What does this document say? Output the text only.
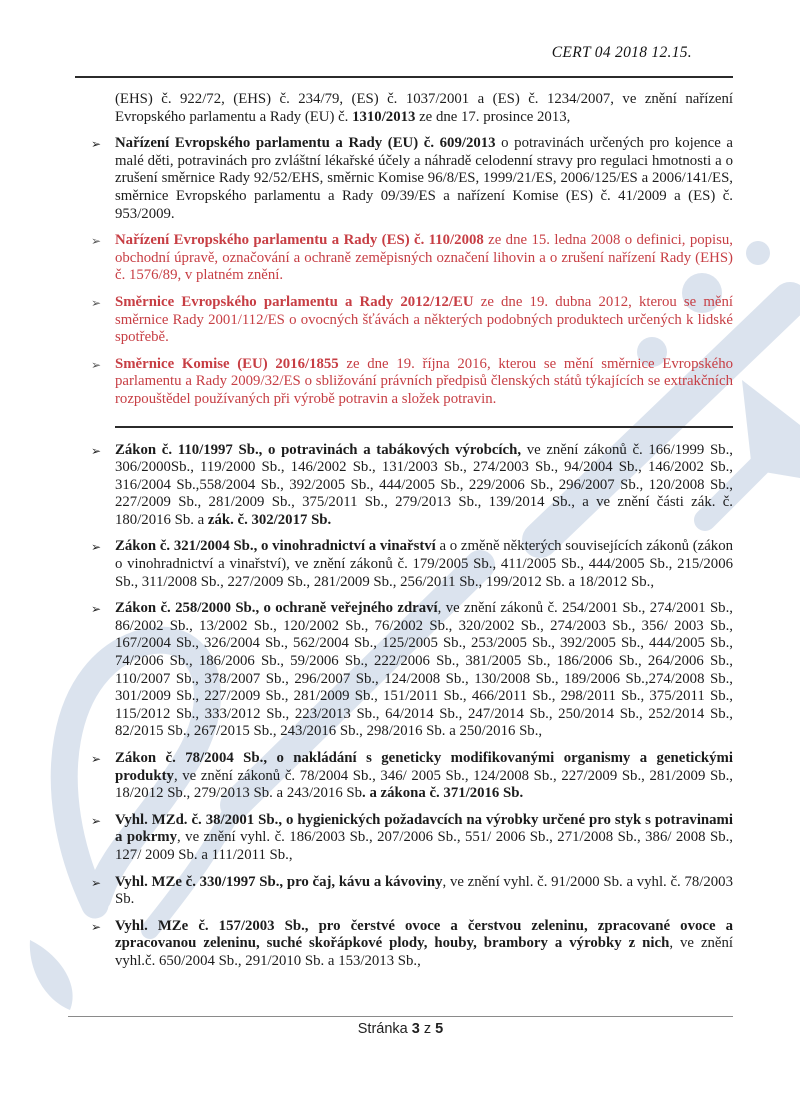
CERT 04 2018 12.15.

(EHS) č. 922/72, (EHS) č. 234/79, (ES) č. 1037/2001 a (ES) č. 1234/2007, ve znění nařízení Evropského parlamentu a Rady (EU) č. 1310/2013 ze dne 17. prosince 2013,

➢ Nařízení Evropského parlamentu a Rady (EU) č. 609/2013 o potravinách určených pro kojence a malé děti, potravinách pro zvláštní lékařské účely a náhradě celodenní stravy pro regulaci hmotnosti a o zrušení směrnice Rady 92/52/EHS, směrnic Komise 96/8/ES, 1999/21/ES, 2006/125/ES a 2006/141/ES, směrnice Evropského parlamentu a Rady 09/39/ES a nařízení Komise (ES) č. 41/2009 a (ES) č. 953/2009.
➢ Nařízení Evropského parlamentu a Rady (ES) č. 110/2008 ze dne 15. ledna 2008 o definici, popisu, obchodní úpravě, označování a ochraně zeměpisných označení lihovin a o zrušení nařízení Rady (EHS) č. 1576/89, v platném znění.
➢ Směrnice Evropského parlamentu a Rady 2012/12/EU ze dne 19. dubna 2012, kterou se mění směrnice Rady 2001/112/ES o ovocných šťávách a některých podobných produktech určených k lidské spotřebě.
➢ Směrnice Komise (EU) 2016/1855 ze dne 19. října 2016, kterou se mění směrnice Evropského parlamentu a Rady 2009/32/ES o sbližování právních předpisů členských států týkajících se extrakčních rozpouštědel používaných při výrobě potravin a složek potravin.
➢ Zákon č. 110/1997 Sb., o potravinách a tabákových výrobcích, ve znění zákonů č. 166/1999 Sb., 306/2000Sb., 119/2000 Sb., 146/2002 Sb., 131/2003 Sb., 274/2003 Sb., 94/2004 Sb., 146/2002 Sb., 316/2004 Sb.,558/2004 Sb., 392/2005 Sb., 444/2005 Sb., 229/2006 Sb., 296/2007 Sb., 120/2008 Sb., 227/2009 Sb., 281/2009 Sb., 375/2011 Sb., 279/2013 Sb., 139/2014 Sb., a ve znění části zák. č. 180/2016 Sb. a zák. č. 302/2017 Sb.
➢ Zákon č. 321/2004 Sb., o vinohradnictví a vinařství a o změně některých souvisejících zákonů (zákon o vinohradnictví a vinařství), ve znění zákonů č. 179/2005 Sb., 411/2005 Sb., 444/2005 Sb., 215/2006 Sb., 311/2008 Sb., 227/2009 Sb., 281/2009 Sb., 256/2011 Sb., 199/2012 Sb. a 18/2012 Sb.,
➢ Zákon č. 258/2000 Sb., o ochraně veřejného zdraví, ve znění zákonů č. 254/2001 Sb., 274/2001 Sb., 86/2002 Sb., 13/2002 Sb., 120/2002 Sb., 76/2002 Sb., 320/2002 Sb., 274/2003 Sb., 356/ 2003 Sb., 167/2004 Sb., 326/2004 Sb., 562/2004 Sb., 125/2005 Sb., 253/2005 Sb., 392/2005 Sb., 444/2005 Sb., 74/2006 Sb., 186/2006 Sb., 59/2006 Sb., 222/2006 Sb., 381/2005 Sb., 186/2006 Sb., 264/2006 Sb., 110/2007 Sb., 378/2007 Sb., 296/2007 Sb., 124/2008 Sb., 130/2008 Sb., 189/2006 Sb.,274/2008 Sb., 301/2009 Sb., 227/2009 Sb., 281/2009 Sb., 151/2011 Sb., 466/2011 Sb., 298/2011 Sb., 375/2011 Sb., 115/2012 Sb., 333/2012 Sb., 223/2013 Sb., 64/2014 Sb., 247/2014 Sb., 250/2014 Sb., 252/2014 Sb., 82/2015 Sb., 267/2015 Sb., 243/2016 Sb., 298/2016 Sb. a 250/2016 Sb.,
➢ Zákon č. 78/2004 Sb., o nakládání s geneticky modifikovanými organismy a genetickými produkty, ve znění zákonů č. 78/2004 Sb., 346/ 2005 Sb., 124/2008 Sb., 227/2009 Sb., 281/2009 Sb., 18/2012 Sb., 279/2013 Sb. a 243/2016 Sb. a zákona č. 371/2016 Sb.
➢ Vyhl. MZd. č. 38/2001 Sb., o hygienických požadavcích na výrobky určené pro styk s potravinami a pokrmy, ve znění vyhl. č. 186/2003 Sb., 207/2006 Sb., 551/ 2006 Sb., 271/2008 Sb., 386/ 2008 Sb., 127/ 2009 Sb. a 111/2011 Sb.,
➢ Vyhl. MZe č. 330/1997 Sb., pro čaj, kávu a kávoviny, ve znění vyhl. č. 91/2000 Sb. a vyhl. č. 78/2003 Sb.
➢ Vyhl. MZe č. 157/2003 Sb., pro čerstvé ovoce a čerstvou zeleninu, zpracované ovoce a zpracovanou zeleninu, suché skořápkové plody, houby, brambory a výrobky z nich, ve znění vyhl.č. 650/2004 Sb., 291/2010 Sb. a 153/2013 Sb.,
Stránka 3 z 5
